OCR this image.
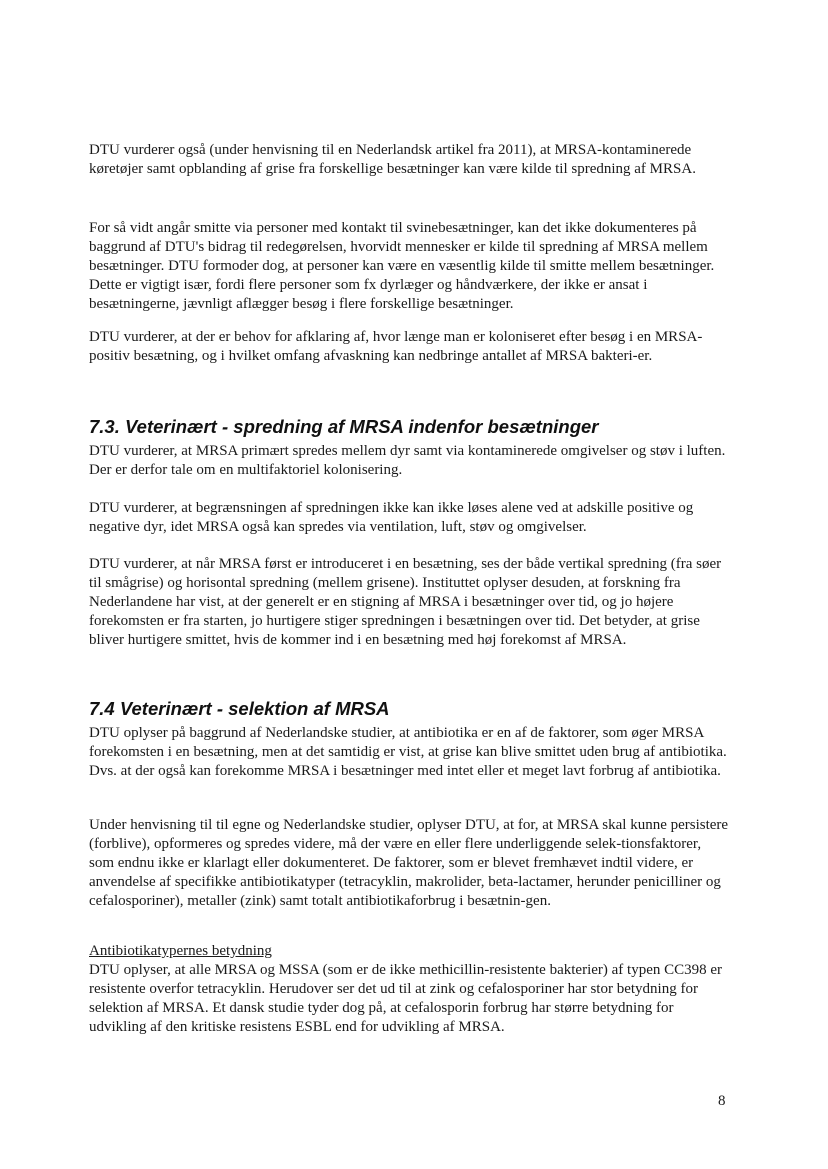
DTU vurderer også (under henvisning til en Nederlandsk artikel fra 2011), at MRSA-kontaminerede køretøjer samt opblanding af grise fra forskellige besætninger kan være kilde til spredning af MRSA.

For så vidt angår smitte via personer med kontakt til svinebesætninger, kan det ikke dokumenteres på baggrund af DTU's bidrag til redegørelsen, hvorvidt mennesker er kilde til spredning af MRSA mellem besætninger. DTU formoder dog, at personer kan være en væsentlig kilde til smitte mellem besætninger. Dette er vigtigt især, fordi flere personer som fx dyrlæger og håndværkere, der ikke er ansat i besætningerne, jævnligt aflægger besøg i flere forskellige besætninger.

DTU vurderer, at der er behov for afklaring af, hvor længe man er koloniseret efter besøg i en MRSA-positiv besætning, og i hvilket omfang afvaskning kan nedbringe antallet af MRSA bakteri-er.

7.3. Veterinært - spredning af MRSA indenfor besætninger

DTU vurderer, at MRSA primært spredes mellem dyr samt via kontaminerede omgivelser og støv i luften. Der er derfor tale om en multifaktoriel kolonisering.

DTU vurderer, at begrænsningen af spredningen ikke kan ikke løses alene ved at adskille positive og negative dyr, idet MRSA også kan spredes via ventilation, luft, støv og omgivelser.

DTU vurderer, at når MRSA først er introduceret i en besætning, ses der både vertikal spredning (fra søer til smågrise) og horisontal spredning (mellem grisene). Instituttet oplyser desuden, at forskning fra Nederlandene har vist, at der generelt er en stigning af MRSA i besætninger over tid, og jo højere forekomsten er fra starten, jo hurtigere stiger spredningen i besætningen over tid. Det betyder, at grise bliver hurtigere smittet, hvis de kommer ind i en besætning med høj forekomst af MRSA.

7.4 Veterinært - selektion af MRSA

DTU oplyser på baggrund af Nederlandske studier, at antibiotika er en af de faktorer, som øger MRSA forekomsten i en besætning, men at det samtidig er vist, at grise kan blive smittet uden brug af antibiotika. Dvs. at der også kan forekomme MRSA i besætninger med intet eller et meget lavt forbrug af antibiotika.

Under henvisning til til egne og Nederlandske studier, oplyser DTU, at for, at MRSA skal kunne persistere (forblive), opformeres og spredes videre, må der være en eller flere underliggende selek-tionsfaktorer, som endnu ikke er klarlagt eller dokumenteret. De faktorer, som er blevet fremhævet indtil videre, er anvendelse af specifikke antibiotikatyper (tetracyklin, makrolider, beta-lactamer, herunder penicilliner og cefalosporiner), metaller (zink) samt totalt antibiotikaforbrug i besætnin-gen.

Antibiotikatypernes betydning

DTU oplyser, at alle MRSA og MSSA (som er de ikke methicillin-resistente bakterier) af typen CC398 er resistente overfor tetracyklin. Herudover ser det ud til at zink og cefalosporiner har stor betydning for selektion af MRSA. Et dansk studie tyder dog på, at cefalosporin forbrug har større betydning for udvikling af den kritiske resistens ESBL end for udvikling af MRSA.

8
